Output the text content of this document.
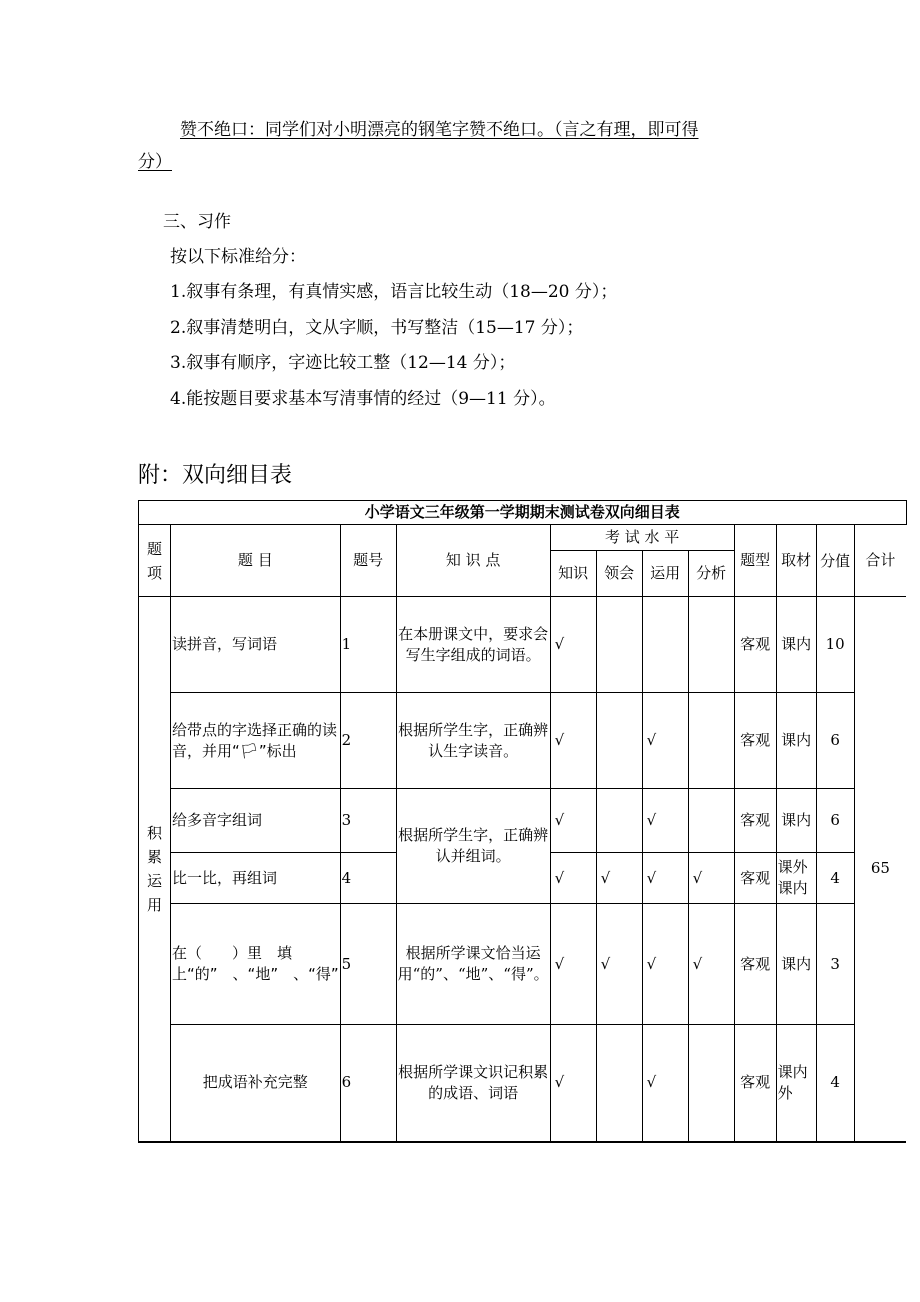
赞不绝口：同学们对小明漂亮的钢笔字赞不绝口。（言之有理，即可得
分）
三、习作
按以下标准给分：
1.叙事有条理，有真情实感，语言比较生动（18—20 分）；
2.叙事清楚明白，文从字顺，书写整洁（15—17 分）；
3.叙事有顺序，字迹比较工整（12—14 分）；
4.能按题目要求基本写清事情的经过（9—11 分）。
附：双向细目表
小学语文三年级第一学期期末测试卷双向细目表											
题项	题 目	题号	知 识 点	考 试 水 平				题型	取材	分值	合计
				知识	领会	运用	分析				
积累运用	读拼音，写词语	1	在本册课文中，要求会写生字组成的词语。	√				客观	课内	10	65
	给带点的字选择正确的读音，并用“🏳”标出	2	根据所学生字，正确辨认生字读音。	√		√		客观	课内	6	
	给多音字组词	3	根据所学生字，正确辨认并组词。	√		√		客观	课内	6	
	比一比，再组词	4		√	√	√	√	客观	课外课内	4	
	在（　　）里　填　上“的”　、“地”　、“得”	5	根据所学课文恰当运用“的”、“地”、“得”。	√	√	√	√	客观	课内	3	
	把成语补充完整	6	根据所学课文识记积累的成语、词语	√		√		客观	课内外	4	
